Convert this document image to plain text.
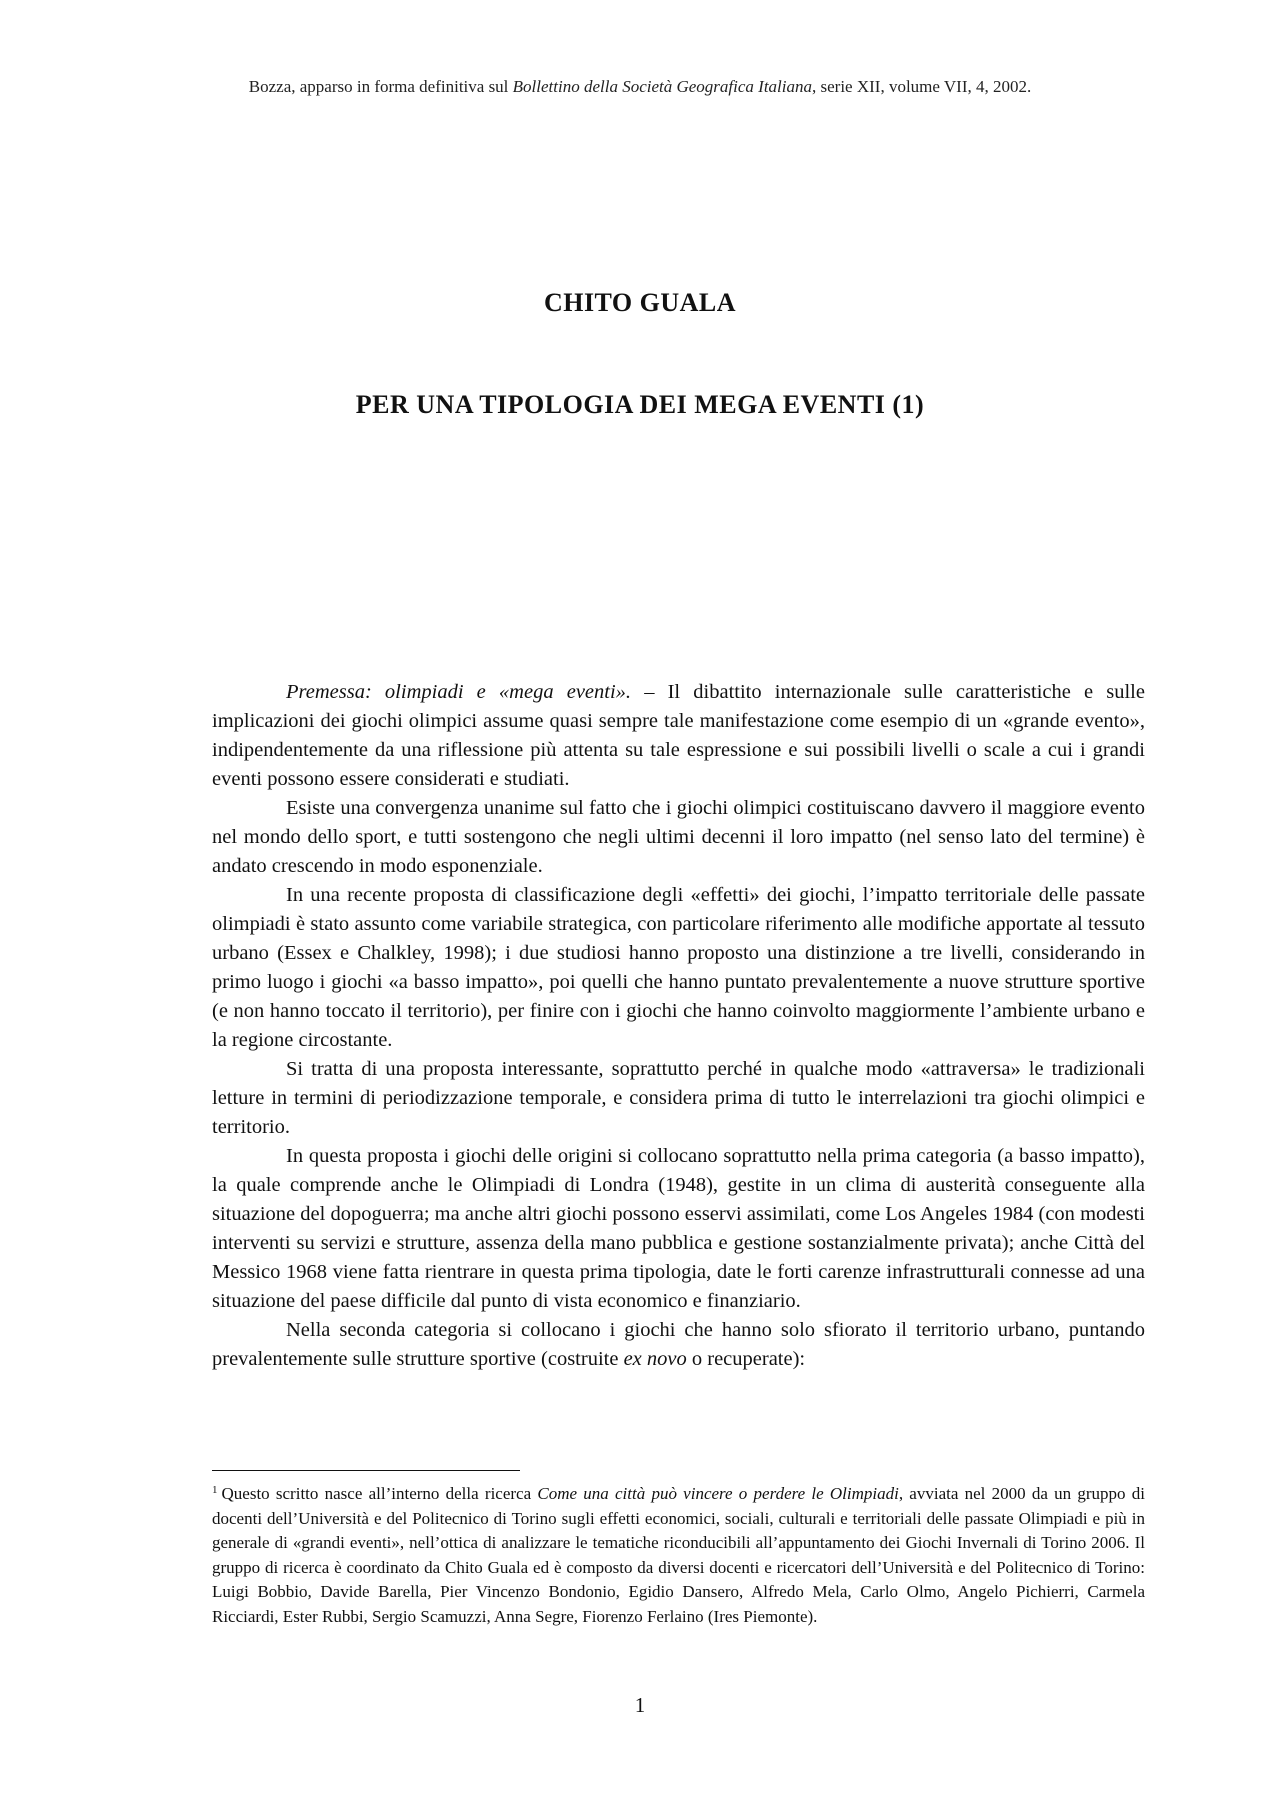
Bozza, apparso in forma definitiva sul Bollettino della Società Geografica Italiana, serie XII, volume VII, 4, 2002.
CHITO GUALA
PER UNA TIPOLOGIA DEI MEGA EVENTI (1)

Premessa: olimpiadi e «mega eventi». – Il dibattito internazionale sulle caratteristiche e sulle implicazioni dei giochi olimpici assume quasi sempre tale manifestazione come esempio di un «grande evento», indipendentemente da una riflessione più attenta su tale espressione e sui possibili livelli o scale a cui i grandi eventi possono essere considerati e studiati.

Esiste una convergenza unanime sul fatto che i giochi olimpici costituiscano davvero il maggiore evento nel mondo dello sport, e tutti sostengono che negli ultimi decenni il loro impatto (nel senso lato del termine) è andato crescendo in modo esponenziale.

In una recente proposta di classificazione degli «effetti» dei giochi, l’impatto territoriale delle passate olimpiadi è stato assunto come variabile strategica, con particolare riferimento alle modifiche apportate al tessuto urbano (Essex e Chalkley, 1998); i due studiosi hanno proposto una distinzione a tre livelli, considerando in primo luogo i giochi «a basso impatto», poi quelli che hanno puntato prevalentemente a nuove strutture sportive (e non hanno toccato il territorio), per finire con i giochi che hanno coinvolto maggiormente l’ambiente urbano e la regione circostante.

Si tratta di una proposta interessante, soprattutto perché in qualche modo «attraversa» le tradizionali letture in termini di periodizzazione temporale, e considera prima di tutto le interrelazioni tra giochi olimpici e territorio.

In questa proposta i giochi delle origini si collocano soprattutto nella prima categoria (a basso impatto), la quale comprende anche le Olimpiadi di Londra (1948), gestite in un clima di austerità conseguente alla situazione del dopoguerra; ma anche altri giochi possono esservi assimilati, come Los Angeles 1984 (con modesti interventi su servizi e strutture, assenza della mano pubblica e gestione sostanzialmente privata); anche Città del Messico 1968 viene fatta rientrare in questa prima tipologia, date le forti carenze infrastrutturali connesse ad una situazione del paese difficile dal punto di vista economico e finanziario.

Nella seconda categoria si collocano i giochi che hanno solo sfiorato il territorio urbano, puntando prevalentemente sulle strutture sportive (costruite ex novo o recuperate):

$^1$ Questo scritto nasce all’interno della ricerca Come una città può vincere o perdere le Olimpiadi, avviata nel 2000 da un gruppo di docenti dell’Università e del Politecnico di Torino sugli effetti economici, sociali, culturali e territoriali delle passate Olimpiadi e più in generale di «grandi eventi», nell’ottica di analizzare le tematiche riconducibili all’appuntamento dei Giochi Invernali di Torino 2006. Il gruppo di ricerca è coordinato da Chito Guala ed è composto da diversi docenti e ricercatori dell’Università e del Politecnico di Torino: Luigi Bobbio, Davide Barella, Pier Vincenzo Bondonio, Egidio Dansero, Alfredo Mela, Carlo Olmo, Angelo Pichierri, Carmela Ricciardi, Ester Rubbi, Sergio Scamuzzi, Anna Segre, Fiorenzo Ferlaino (Ires Piemonte).
1
